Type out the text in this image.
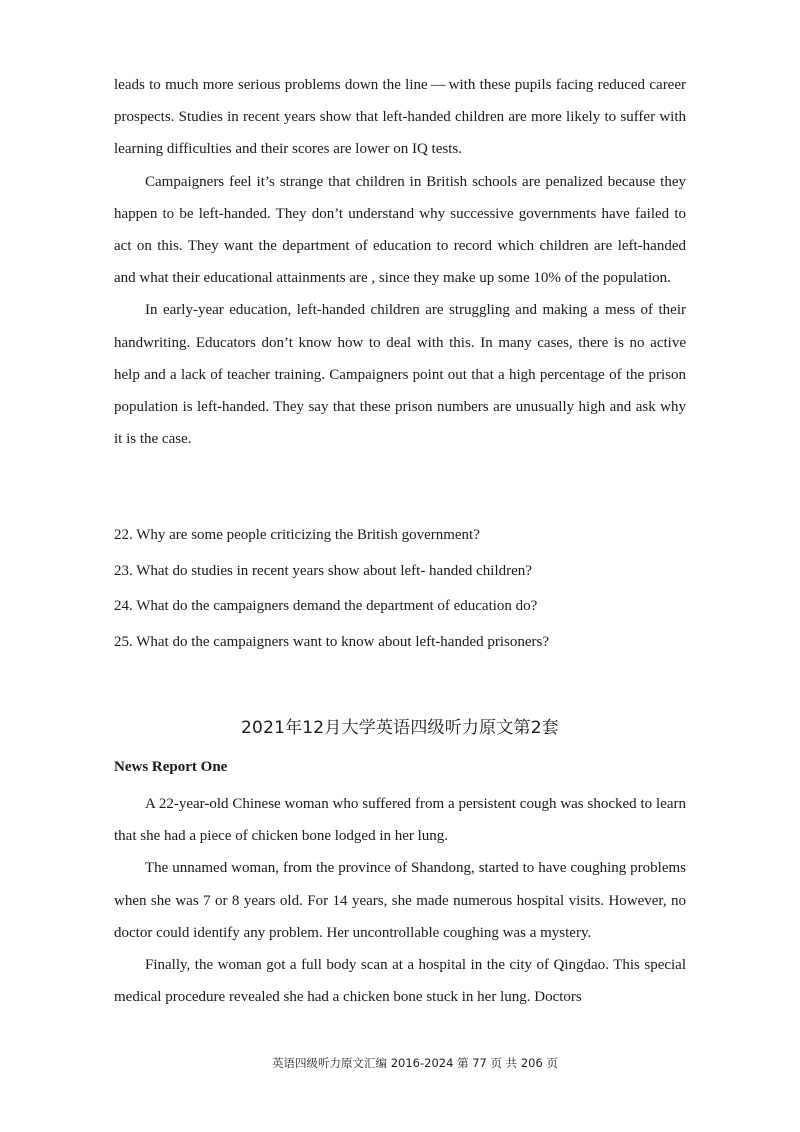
leads to much more serious problems down the line — with these pupils facing reduced career prospects. Studies in recent years show that left-handed children are more likely to suffer with learning difficulties and their scores are lower on IQ tests.

Campaigners feel it’s strange that children in British schools are penalized because they happen to be left-handed. They don’t understand why successive governments have failed to act on this. They want the department of education to record which children are left-handed and what their educational attainments are , since they make up some 10% of the population.

In early-year education, left-handed children are struggling and making a mess of their handwriting. Educators don’t know how to deal with this. In many cases, there is no active help and a lack of teacher training. Campaigners point out that a high percentage of the prison population is left-handed. They say that these prison numbers are unusually high and ask why it is the case.

22. Why are some people criticizing the British government?
23. What do studies in recent years show about left- handed children?
24. What do the campaigners demand the department of education do?
25. What do the campaigners want to know about left-handed prisoners?
2021年12月大学英语四级听力原文第2套
News Report One

A 22-year-old Chinese woman who suffered from a persistent cough was shocked to learn that she had a piece of chicken bone lodged in her lung.

The unnamed woman, from the province of Shandong, started to have coughing problems when she was 7 or 8 years old. For 14 years, she made numerous hospital visits. However, no doctor could identify any problem. Her uncontrollable coughing was a mystery.

Finally, the woman got a full body scan at a hospital in the city of Qingdao. This special medical procedure revealed she had a chicken bone stuck in her lung. Doctors

英语四级听力原文汇编 2016-2024 第 77 页 共 206 页
